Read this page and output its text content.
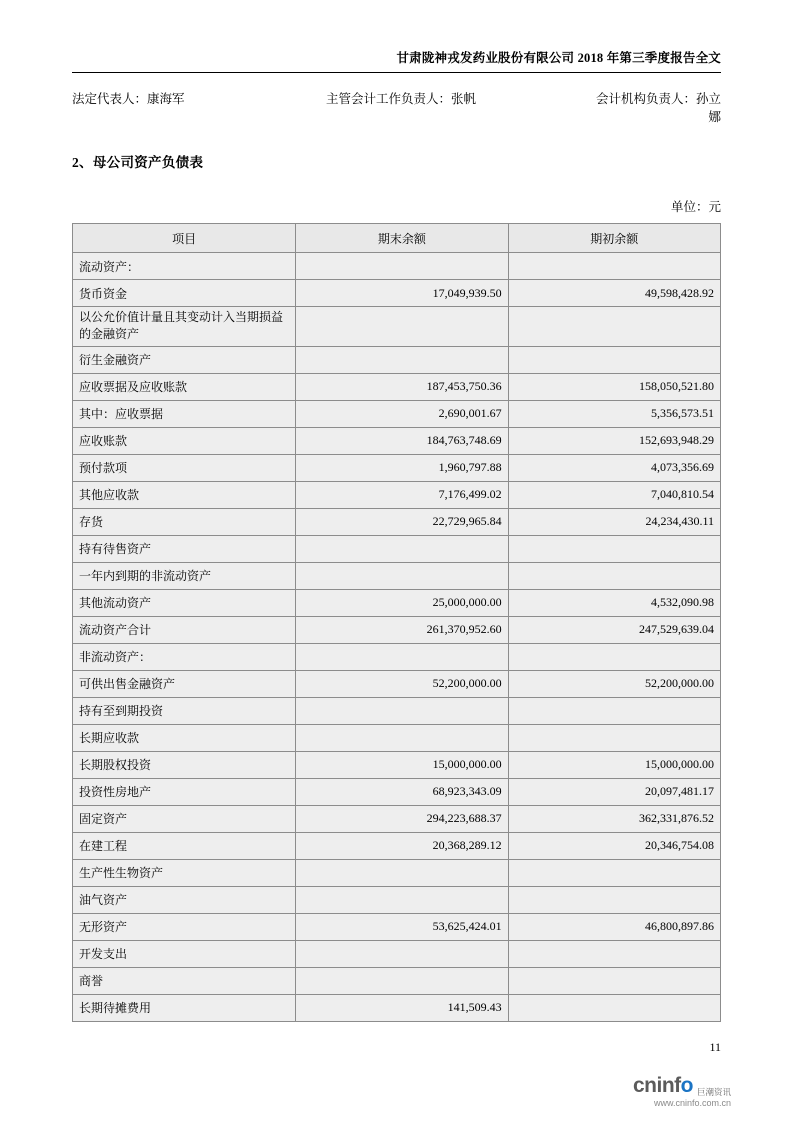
甘肃陇神戎发药业股份有限公司 2018 年第三季度报告全文
法定代表人：康海军	主管会计工作负责人：张帆	会计机构负责人：孙立娜
2、母公司资产负债表
单位：元
项目	期末余额	期初余额
流动资产：		
货币资金	17,049,939.50	49,598,428.92
以公允价值计量且其变动计入当期损益的金融资产		
衍生金融资产		
应收票据及应收账款	187,453,750.36	158,050,521.80
其中：应收票据	2,690,001.67	5,356,573.51
应收账款	184,763,748.69	152,693,948.29
预付款项	1,960,797.88	4,073,356.69
其他应收款	7,176,499.02	7,040,810.54
存货	22,729,965.84	24,234,430.11
持有待售资产		
一年内到期的非流动资产		
其他流动资产	25,000,000.00	4,532,090.98
流动资产合计	261,370,952.60	247,529,639.04
非流动资产：		
可供出售金融资产	52,200,000.00	52,200,000.00
持有至到期投资		
长期应收款		
长期股权投资	15,000,000.00	15,000,000.00
投资性房地产	68,923,343.09	20,097,481.17
固定资产	294,223,688.37	362,331,876.52
在建工程	20,368,289.12	20,346,754.08
生产性生物资产		
油气资产		
无形资产	53,625,424.01	46,800,897.86
开发支出		
商誉		
长期待摊费用	141,509.43	
11
cninfo 巨潮资讯
www.cninfo.com.cn
